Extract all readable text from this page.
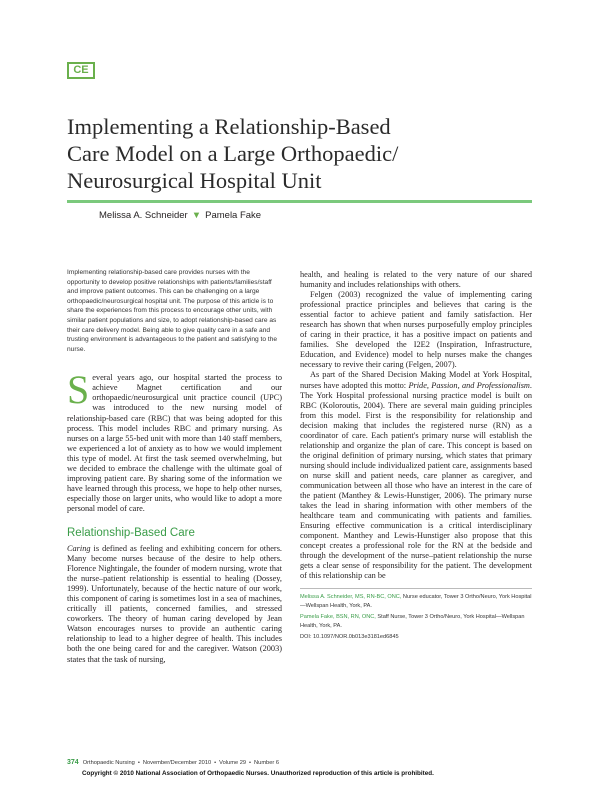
CE
Implementing a Relationship-Based
Care Model on a Large Orthopaedic/
Neurosurgical Hospital Unit
Melissa A. Schneider ▼ Pamela Fake

Implementing relationship-based care provides nurses with the opportunity to develop positive relationships with patients/families/staff and improve patient outcomes. This can be challenging on a large orthopaedic/neurosurgical hospital unit. The purpose of this article is to share the experiences from this process to encourage other units, with similar patient populations and size, to adopt relationship-based care as their care delivery model. Being able to give quality care in a safe and trusting environment is advantageous to the patient and satisfying to the nurse.

Several years ago, our hospital started the process to achieve Magnet certification and our orthopaedic/neurosurgical unit practice council (UPC) was introduced to the new nursing model of relationship-based care (RBC) that was being adopted for this process. This model includes RBC and primary nursing. As nurses on a large 55-bed unit with more than 140 staff members, we experienced a lot of anxiety as to how we would implement this type of model. At first the task seemed overwhelming, but we decided to embrace the challenge with the ultimate goal of improving patient care. By sharing some of the information we have learned through this process, we hope to help other nurses, especially those on larger units, who would like to adopt a more personal model of care.

Relationship-Based Care

Caring is defined as feeling and exhibiting concern for others. Many become nurses because of the desire to help others. Florence Nightingale, the founder of modern nursing, wrote that the nurse–patient relationship is essential to healing (Dossey, 1999). Unfortunately, because of the hectic nature of our work, this component of caring is sometimes lost in a sea of machines, critically ill patients, concerned families, and stressed coworkers. The theory of human caring developed by Jean Watson encourages nurses to provide an authentic caring relationship to lead to a higher degree of health. This includes both the one being cared for and the caregiver. Watson (2003) states that the task of nursing,

health, and healing is related to the very nature of our shared humanity and includes relationships with others.

Felgen (2003) recognized the value of implementing caring professional practice principles and believes that caring is the essential factor to achieve patient and family satisfaction. Her research has shown that when nurses purposefully employ principles of caring in their practice, it has a positive impact on patients and families. She developed the I2E2 (Inspiration, Infrastructure, Education, and Evidence) model to help nurses make the changes necessary to revive their caring (Felgen, 2007).

As part of the Shared Decision Making Model at York Hospital, nurses have adopted this motto: Pride, Passion, and Professionalism. The York Hospital professional nursing practice model is built on RBC (Koloroutis, 2004). There are several main guiding principles from this model. First is the responsibility for relationship and decision making that includes the registered nurse (RN) as a coordinator of care. Each patient's primary nurse will establish the relationship and organize the plan of care. This concept is based on the original definition of primary nursing, which states that primary nursing should include individualized patient care, assignments based on nurse skill and patient needs, care planner as caregiver, and communication between all those who have an interest in the care of the patient (Manthey & Lewis-Hunstiger, 2006). The primary nurse takes the lead in sharing information with other members of the healthcare team and communicating with patients and families. Ensuring effective communication is a critical interdisciplinary component. Manthey and Lewis-Hunstiger also propose that this concept creates a professional role for the RN at the bedside and through the development of the nurse–patient relationship the nurse gets a clear sense of responsibility for the patient. The development of this relationship can be

Melissa A. Schneider, MS, RN-BC, ONC, Nurse educator, Tower 3 Ortho/Neuro, York Hospital—Wellspan Health, York, PA.

Pamela Fake, BSN, RN, ONC, Staff Nurse, Tower 3 Ortho/Neuro, York Hospital—Wellspan Health, York, PA.

DOI: 10.1097/NOR.0b013e3181ed6845

374 Orthopaedic Nursing • November/December 2010 • Volume 29 • Number 6
Copyright © 2010 National Association of Orthopaedic Nurses. Unauthorized reproduction of this article is prohibited.
